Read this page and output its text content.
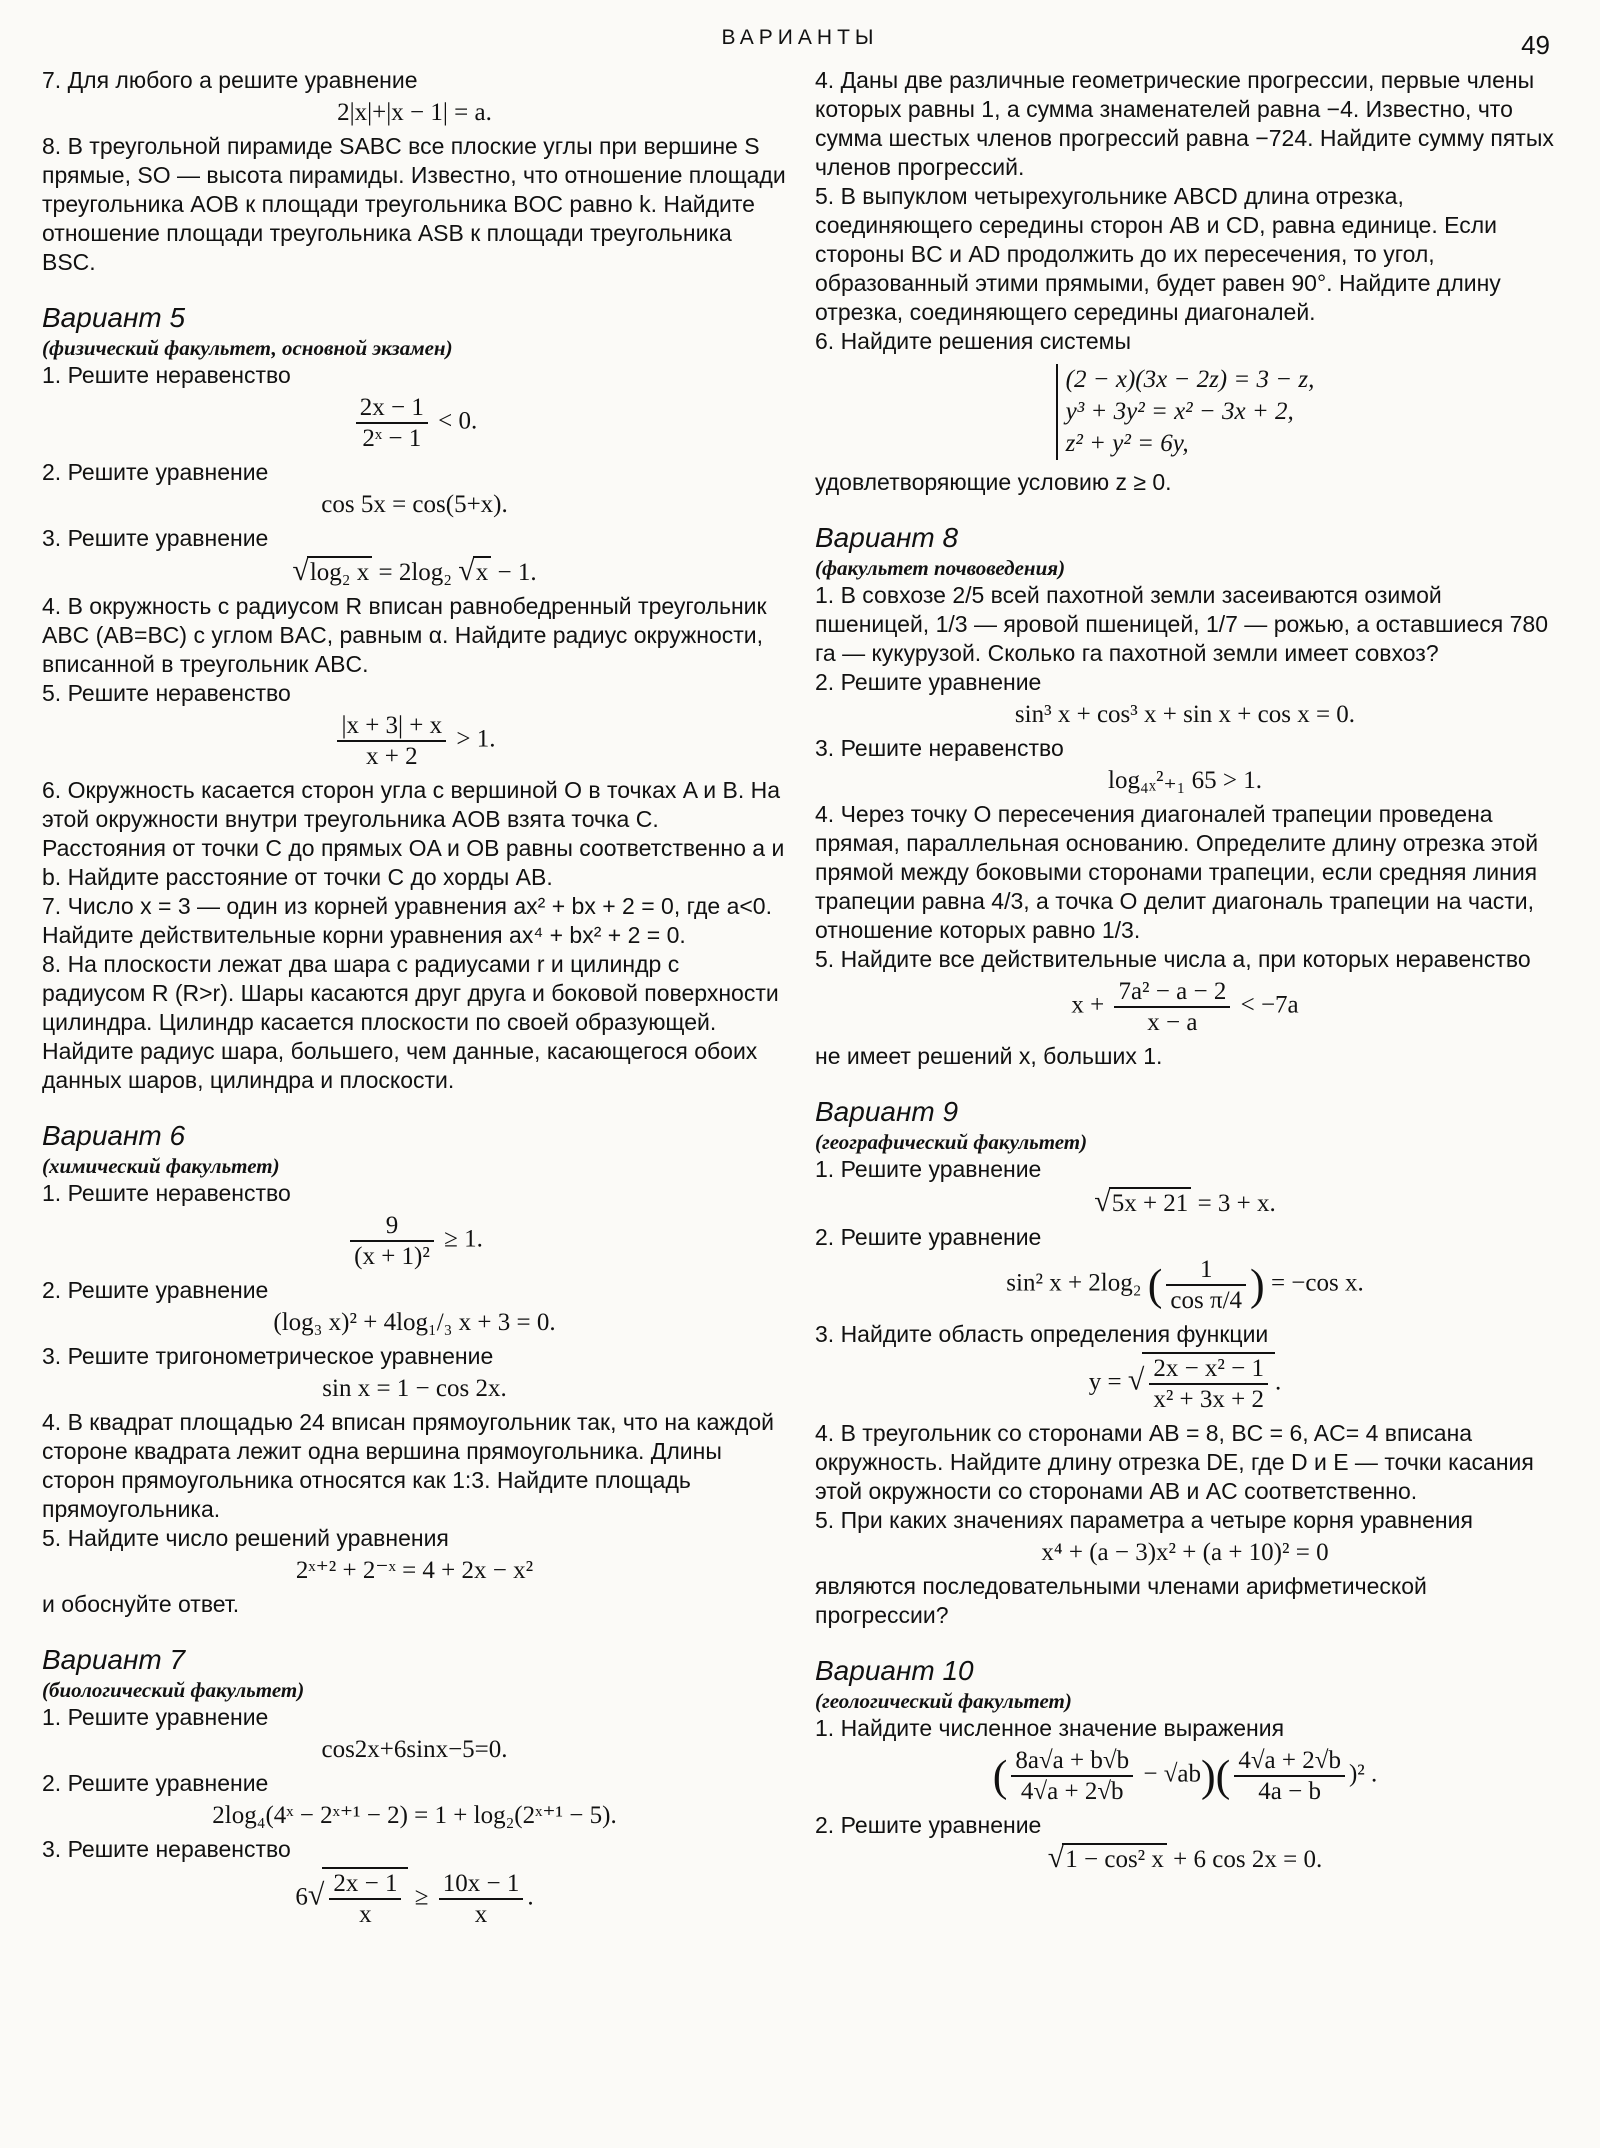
ВАРИАНТЫ	49

7. Для любого a решите уравнение

2|x|+|x − 1| = a.

8. В треугольной пирамиде SABC все плоские углы при вершине S прямые, SO — высота пирамиды. Известно, что отношение площади треугольника AOB к площади треугольника BOC равно k. Найдите отношение площади треугольника ASB к площади треугольника BSC.

Вариант 5
(физический факультет, основной экзамен)

1. Решите неравенство

$\frac{2x - 1}{\text{2ˣ − 1}} < 0$.

2. Решите уравнение

cos 5x = cos(5+x).

3. Решите уравнение

√log₂ x = 2log₂ √x − 1.

4. В окружность с радиусом R вписан равнобедренный треугольник ABC (AB=BC) с углом BAC, равным α. Найдите радиус окружности, вписанной в треугольник ABC.

5. Решите неравенство

$\frac{|x + 3| + x}{x + 2} > 1$.

6. Окружность касается сторон угла с вершиной O в точках A и B. На этой окружности внутри треугольника AOB взята точка C. Расстояния от точки C до прямых OA и OB равны соответственно a и b. Найдите расстояние от точки C до хорды AB.

7. Число x = 3 — один из корней уравнения ax² + bx + 2 = 0, где a<0. Найдите действительные корни уравнения ax⁴ + bx² + 2 = 0.

8. На плоскости лежат два шара с радиусами r и цилиндр с радиусом R (R>r). Шары касаются друг друга и боковой поверхности цилиндра. Цилиндр касается плоскости по своей образующей. Найдите радиус шара, большего, чем данные, касающегося обоих данных шаров, цилиндра и плоскости.

Вариант 6
(химический факультет)

1. Решите неравенство

$\frac{9}{\text{(x + 1)²}} \ge 1$.

2. Решите уравнение

(log₃ x)² + 4log₁/₃ x + 3 = 0.

3. Решите тригонометрическое уравнение

sin x = 1 − cos 2x.

4. В квадрат площадью 24 вписан прямоугольник так, что на каждой стороне квадрата лежит одна вершина прямоугольника. Длины сторон прямоугольника относятся как 1:3. Найдите площадь прямоугольника.

5. Найдите число решений уравнения

2ˣ⁺² + 2⁻ˣ = 4 + 2x − x²

и обоснуйте ответ.

Вариант 7
(биологический факультет)

1. Решите уравнение

cos2x+6sinx−5=0.

2. Решите уравнение

2log₄(4ˣ − 2ˣ⁺¹ − 2) = 1 + log₂(2ˣ⁺¹ − 5).

3. Решите неравенство

$6√ \frac{2x - 1}{x} \ge \frac{10x - 1}{x}$ .

4. Даны две различные геометрические прогрессии, первые члены которых равны 1, а сумма знаменателей равна −4. Известно, что сумма шестых членов прогрессий равна −724. Найдите сумму пятых членов прогрессий.

5. В выпуклом четырехугольнике ABCD длина отрезка, соединяющего середины сторон AB и CD, равна единице. Если стороны BC и AD продолжить до их пересечения, то угол, образованный этими прямыми, будет равен 90°. Найдите длину отрезка, соединяющего середины диагоналей.

6. Найдите решения системы

(2 − x)(3x − 2z) = 3 − z,
y³ + 3y² = x² − 3x + 2,
z² + y² = 6y,

удовлетворяющие условию z ≥ 0.

Вариант 8
(факультет почвоведения)

1. В совхозе 2/5 всей пахотной земли засеиваются озимой пшеницей, 1/3 — яровой пшеницей, 1/7 — рожью, а оставшиеся 780 га — кукурузой. Сколько га пахотной земли имеет совхоз?

2. Решите уравнение

sin³ x + cos³ x + sin x + cos x = 0.

3. Решите неравенство

log₄ₓ²₊₁ 65 > 1.

4. Через точку O пересечения диагоналей трапеции проведена прямая, параллельная основанию. Определите длину отрезка этой прямой между боковыми сторонами трапеции, если средняя линия трапеции равна 4/3, а точка O делит диагональ трапеции на части, отношение которых равно 1/3.

5. Найдите все действительные числа a, при которых неравенство

$x + \frac{\text{7a² − a − 2}}{x - a} < -7a$

не имеет решений x, больших 1.

Вариант 9
(географический факультет)

1. Решите уравнение

√5x + 21 = 3 + x.

2. Решите уравнение

sin² x + 2log₂ ( $\frac{1}{\text{cos π/4}}$ ) = −cos x.

3. Найдите область определения функции

y = √ $\frac{\text{2x − x² − 1}}{\text{x² + 3x + 2}}$ .

4. В треугольник со сторонами AB = 8, BC = 6, AC= 4 вписана окружность. Найдите длину отрезка DE, где D и E — точки касания этой окружности со сторонами AB и AC соответственно.

5. При каких значениях параметра a четыре корня уравнения

x⁴ + (a − 3)x² + (a + 10)² = 0

являются последовательными членами арифметической прогрессии?

Вариант 10
(геологический факультет)

1. Найдите численное значение выражения

( $\frac{8a√a + b√b}{4√a + 2√b} - √ab)( \frac{4√a + 2√b}{4a - b} )^2$ .

2. Решите уравнение

√1 − cos² x + 6 cos 2x = 0.
